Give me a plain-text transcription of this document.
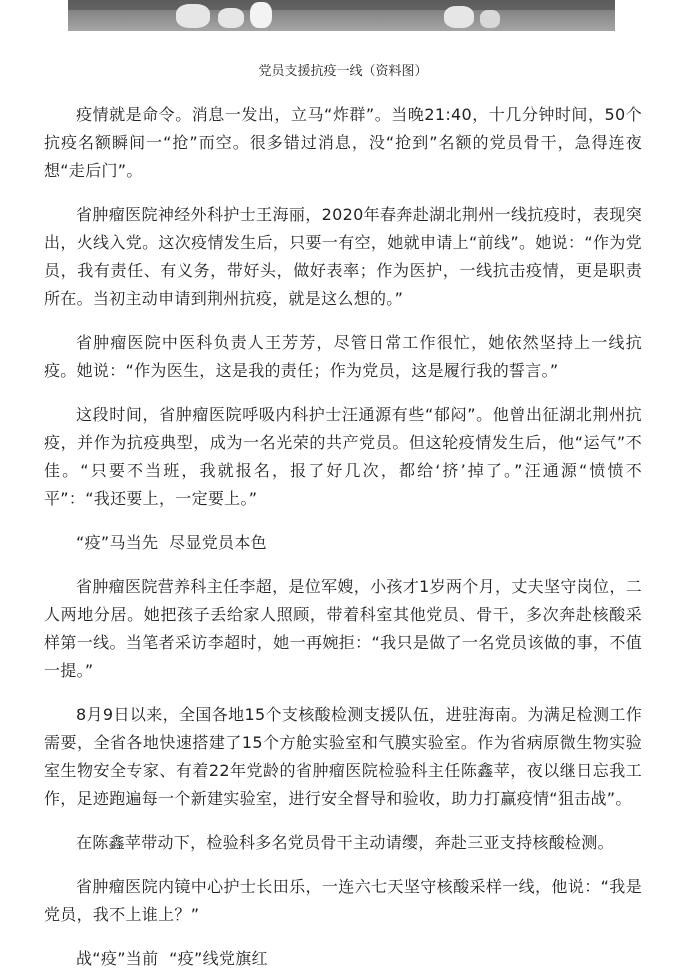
党员支援抗疫一线（资料图）

疫情就是命令。消息一发出，立马“炸群”。当晚21:40，十几分钟时间，50个抗疫名额瞬间一“抢”而空。很多错过消息，没“抢到”名额的党员骨干，急得连夜想“走后门”。

省肿瘤医院神经外科护士王海丽，2020年春奔赴湖北荆州一线抗疫时，表现突出，火线入党。这次疫情发生后，只要一有空，她就申请上“前线”。她说：“作为党员，我有责任、有义务，带好头，做好表率；作为医护，一线抗击疫情，更是职责所在。当初主动申请到荆州抗疫，就是这么想的。”

省肿瘤医院中医科负责人王芳芳，尽管日常工作很忙，她依然坚持上一线抗疫。她说：“作为医生，这是我的责任；作为党员，这是履行我的誓言。”

这段时间，省肿瘤医院呼吸内科护士汪通源有些“郁闷”。他曾出征湖北荆州抗疫，并作为抗疫典型，成为一名光荣的共产党员。但这轮疫情发生后，他“运气”不佳。“只要不当班，我就报名，报了好几次，都给‘挤’掉了。”汪通源“愤愤不平”：“我还要上，一定要上。”

“疫”马当先  尽显党员本色

省肿瘤医院营养科主任李超，是位军嫂，小孩才1岁两个月，丈夫坚守岗位，二人两地分居。她把孩子丢给家人照顾，带着科室其他党员、骨干，多次奔赴核酸采样第一线。当笔者采访李超时，她一再婉拒：“我只是做了一名党员该做的事，不值一提。”

8月9日以来，全国各地15个支核酸检测支援队伍，进驻海南。为满足检测工作需要，全省各地快速搭建了15个方舱实验室和气膜实验室。作为省病原微生物实验室生物安全专家、有着22年党龄的省肿瘤医院检验科主任陈鑫苹，夜以继日忘我工作，足迹跑遍每一个新建实验室，进行安全督导和验收，助力打赢疫情“狙击战”。

在陈鑫苹带动下，检验科多名党员骨干主动请缨，奔赴三亚支持核酸检测。

省肿瘤医院内镜中心护士长田乐，一连六七天坚守核酸采样一线，他说：“我是党员，我不上谁上？”

战“疫”当前  “疫”线党旗红
